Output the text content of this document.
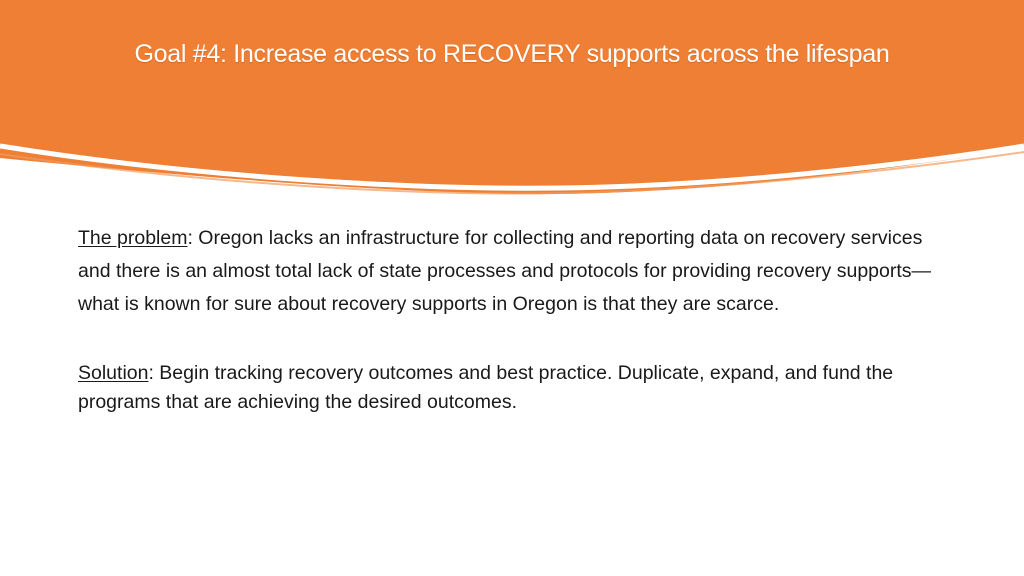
Goal #4: Increase access to RECOVERY supports across the lifespan

The problem: Oregon lacks an infrastructure for collecting and reporting data on recovery services and there is an almost total lack of state processes and protocols for providing recovery supports—what is known for sure about recovery supports in Oregon is that they are scarce.

Solution: Begin tracking recovery outcomes and best practice. Duplicate, expand, and fund the programs that are achieving the desired outcomes.
